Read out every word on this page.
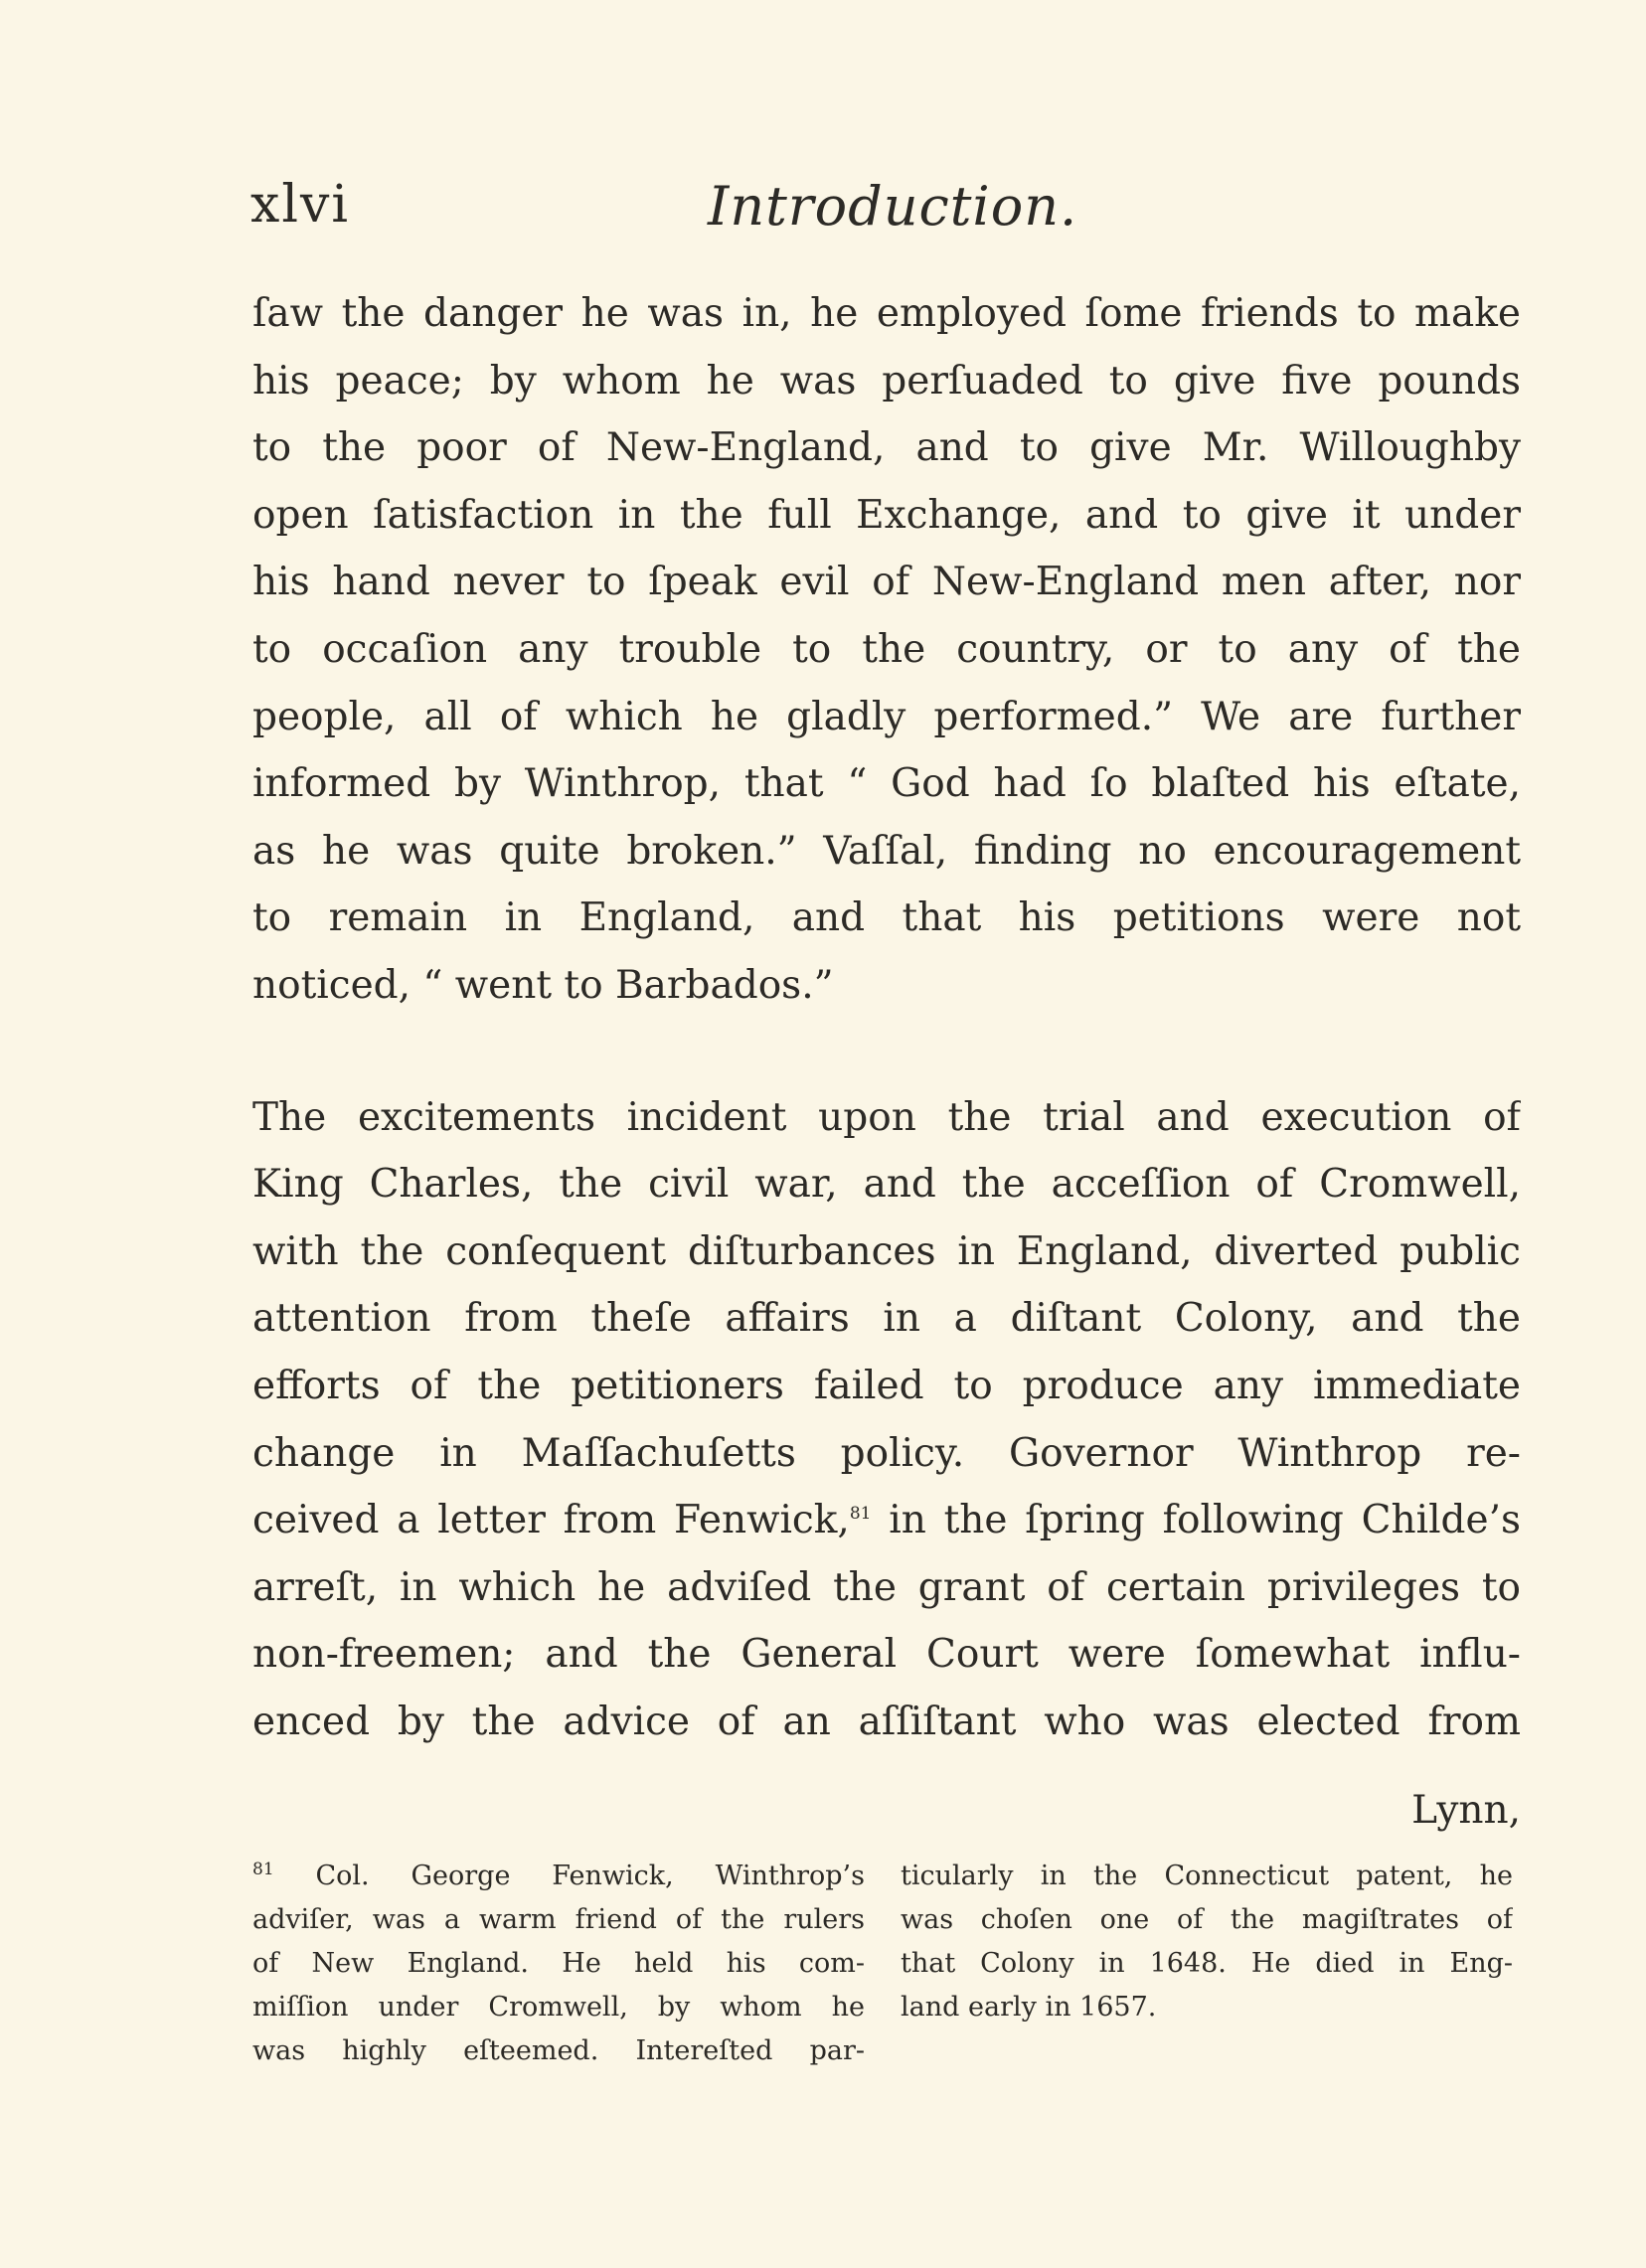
xlvi	Introduction.
ſaw the danger he was in, he employed ſome friends to make
his peace; by whom he was perſuaded to give five pounds
to the poor of New-England, and to give Mr. Willoughby
open ſatisfaction in the full Exchange, and to give it under
his hand never to ſpeak evil of New-England men after, nor
to occaſion any trouble to the country, or to any of the
people, all of which he gladly performed.” We are further
informed by Winthrop, that “ God had ſo blaſted his eſtate,
as he was quite broken.” Vaſſal, finding no encouragement
to remain in England, and that his petitions were not
noticed, “ went to Barbados.”
The excitements incident upon the trial and execution of
King Charles, the civil war, and the acceſſion of Cromwell,
with the conſequent diſturbances in England, diverted public
attention from theſe affairs in a diſtant Colony, and the
efforts of the petitioners failed to produce any immediate
change in Maſſachuſetts policy. Governor Winthrop re-
ceived a letter from Fenwick,$^{81}$ in the ſpring following Childe’s
arreſt, in which he adviſed the grant of certain privileges to
non-freemen; and the General Court were ſomewhat influ-
enced by the advice of an aſſiſtant who was elected from
Lynn,
$^{81}$ Col. George Fenwick, Winthrop’s
adviſer, was a warm friend of the rulers
of New England. He held his com-
miſſion under Cromwell, by whom he
was highly eſteemed. Intereſted par-
ticularly in the Connecticut patent, he
was choſen one of the magiſtrates of
that Colony in 1648. He died in Eng-
land early in 1657.
